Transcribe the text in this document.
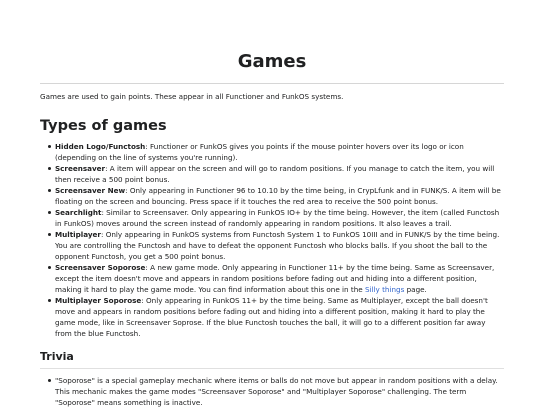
Games

Games are used to gain points. These appear in all Functioner and FunkOS systems.

Types of games
Hidden Logo/Functosh: Functioner or FunkOS gives you points if the mouse pointer hovers over its logo or icon (depending on the line of systems you're running).
Screensaver: A item will appear on the screen and will go to random positions. If you manage to catch the item, you will then receive a 500 point bonus.
Screensaver New: Only appearing in Functioner 96 to 10.10 by the time being, in CrypLfunk and in FUNK/S. A item will be floating on the screen and bouncing. Press space if it touches the red area to receive the 500 point bonus.
Searchlight: Similar to Screensaver. Only appearing in FunkOS IO+ by the time being. However, the item (called Functosh in FunkOS) moves around the screen instead of randomly appearing in random positions. It also leaves a trail.
Multiplayer: Only appearing in FunkOS systems from Functosh System 1 to FunkOS 10III and in FUNK/S by the time being. You are controlling the Functosh and have to defeat the opponent Functosh who blocks balls. If you shoot the ball to the opponent Functosh, you get a 500 point bonus.
Screensaver Soporose: A new game mode. Only appearing in Functioner 11+ by the time being. Same as Screensaver, except the item doesn't move and appears in random positions before fading out and hiding into a different position, making it hard to play the game mode. You can find information about this one in the Silly things page.
Multiplayer Soporose: Only appearing in FunkOS 11+ by the time being. Same as Multiplayer, except the ball doesn't move and appears in random positions before fading out and hiding into a different position, making it hard to play the game mode, like in Screensaver Soprose. If the blue Functosh touches the ball, it will go to a different position far away from the blue Functosh.
Trivia
"Soporose" is a special gameplay mechanic where items or balls do not move but appear in random positions with a delay. This mechanic makes the game modes "Screensaver Soporose" and "Multiplayer Soporose" challenging. The term "Soporose" means something is inactive.
